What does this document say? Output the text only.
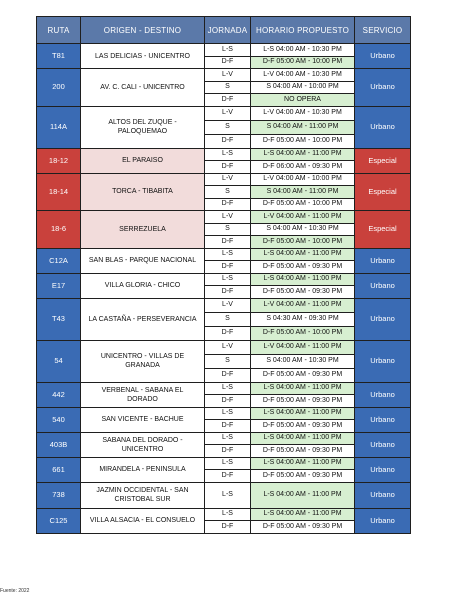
RUTA	ORIGEN - DESTINO	JORNADA	HORARIO PROPUESTO	SERVICIO
T81	LAS DELICIAS - UNICENTRO	L-S	L-S 04:00 AM - 10:30 PM	Urbano
		D-F	D-F 05:00 AM - 10:00 PM	
200	AV. C. CALI - UNICENTRO	L-V	L-V 04:00 AM - 10:30 PM	Urbano
		S	S 04:00 AM - 10:00 PM	
		D-F	NO OPERA	
114A	ALTOS DEL ZUQUE - PALOQUEMAO	L-V	L-V 04:00 AM - 10:30 PM	Urbano
		S	S 04:00 AM - 11:00 PM	
		D-F	D-F 05:00 AM - 10:00 PM	
18-12	EL PARAISO	L-S	L-S 04:00 AM - 11:00 PM	Especial
		D-F	D-F 06:00 AM - 09:30 PM	
18-14	TORCA - TIBABITA	L-V	L-V 04:00 AM - 10:00 PM	Especial
		S	S 04:00 AM - 11:00 PM	
		D-F	D-F 05:00 AM - 10:00 PM	
18-6	SERREZUELA	L-V	L-V 04:00 AM - 11:00 PM	Especial
		S	S 04:00 AM - 10:30 PM	
		D-F	D-F 05:00 AM - 10:00 PM	
C12A	SAN BLAS - PARQUE NACIONAL	L-S	L-S 04:00 AM - 11:00 PM	Urbano
		D-F	D-F 05:00 AM - 09:30 PM	
E17	VILLA GLORIA - CHICO	L-S	L-S 04:00 AM - 11:00 PM	Urbano
		D-F	D-F 05:00 AM - 09:30 PM	
T43	LA CASTAÑA - PERSEVERANCIA	L-V	L-V 04:00 AM - 11:00 PM	Urbano
		S	S 04:30 AM - 09:30 PM	
		D-F	D-F 05:00 AM - 10:00 PM	
54	UNICENTRO - VILLAS DE GRANADA	L-V	L-V 04:00 AM - 11:00 PM	Urbano
		S	S 04:00 AM - 10:30 PM	
		D-F	D-F 05:00 AM - 09:30 PM	
442	VERBENAL - SABANA EL DORADO	L-S	L-S 04:00 AM - 11:00 PM	Urbano
		D-F	D-F 05:00 AM - 09:30 PM	
540	SAN VICENTE - BACHUE	L-S	L-S 04:00 AM - 11:00 PM	Urbano
		D-F	D-F 05:00 AM - 09:30 PM	
403B	SABANA DEL DORADO - UNICENTRO	L-S	L-S 04:00 AM - 11:00 PM	Urbano
		D-F	D-F 05:00 AM - 09:30 PM	
661	MIRANDELA - PENINSULA	L-S	L-S 04:00 AM - 11:00 PM	Urbano
		D-F	D-F 05:00 AM - 09:30 PM	
738	JAZMIN OCCIDENTAL - SAN CRISTOBAL SUR	L-S	L-S 04:00 AM - 11:00 PM	Urbano
C125	VILLA ALSACIA - EL CONSUELO	L-S	L-S 04:00 AM - 11:00 PM	Urbano
		D-F	D-F 05:00 AM - 09:30 PM	
Fuente: 2022
